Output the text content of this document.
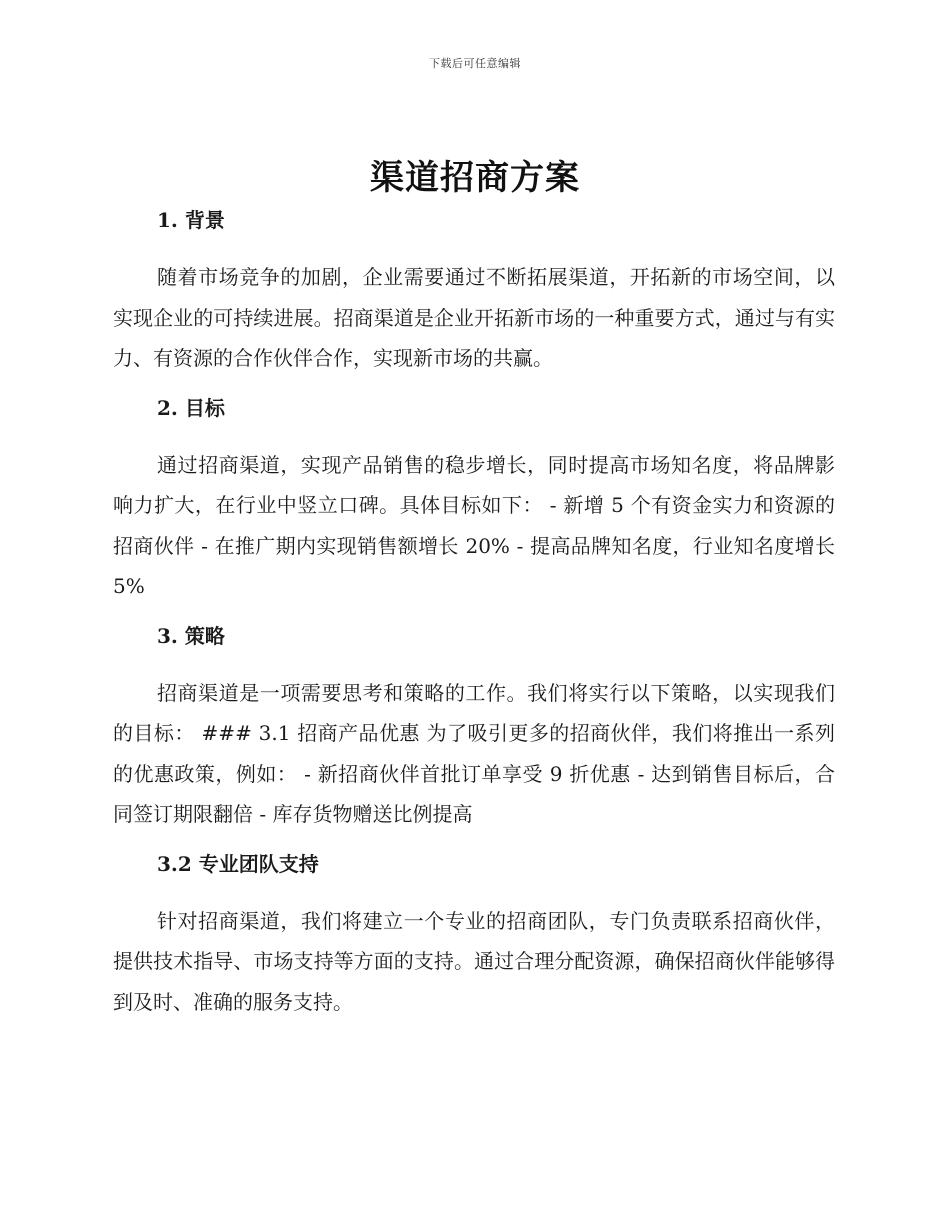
下载后可任意编辑
渠道招商方案
1. 背景

随着市场竞争的加剧，企业需要通过不断拓展渠道，开拓新的市场空间，以实现企业的可持续进展。招商渠道是企业开拓新市场的一种重要方式，通过与有实力、有资源的合作伙伴合作，实现新市场的共赢。

2. 目标

通过招商渠道，实现产品销售的稳步增长，同时提高市场知名度，将品牌影响力扩大，在行业中竖立口碑。具体目标如下： - 新增 5 个有资金实力和资源的招商伙伴 - 在推广期内实现销售额增长 20% - 提高品牌知名度，行业知名度增长 5%

3. 策略

招商渠道是一项需要思考和策略的工作。我们将实行以下策略，以实现我们的目标： ### 3.1 招商产品优惠 为了吸引更多的招商伙伴，我们将推出一系列的优惠政策，例如： - 新招商伙伴首批订单享受 9 折优惠 - 达到销售目标后，合同签订期限翻倍 - 库存货物赠送比例提高

3.2 专业团队支持

针对招商渠道，我们将建立一个专业的招商团队，专门负责联系招商伙伴，提供技术指导、市场支持等方面的支持。通过合理分配资源，确保招商伙伴能够得到及时、准确的服务支持。
